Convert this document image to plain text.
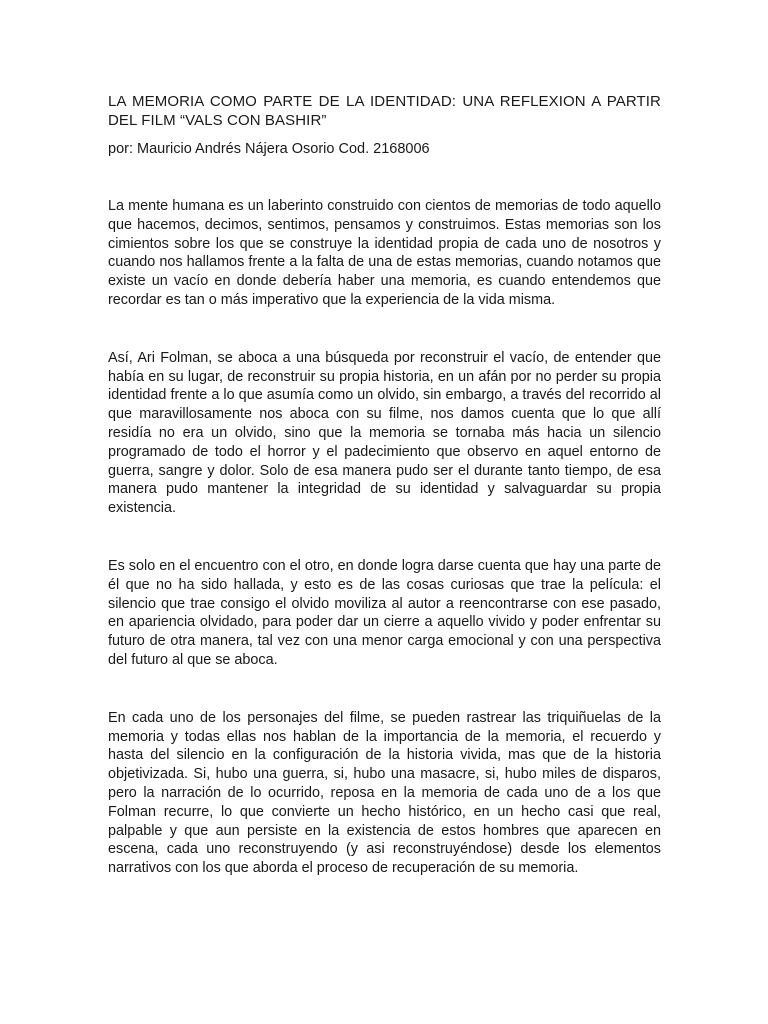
LA MEMORIA COMO PARTE DE LA IDENTIDAD: UNA REFLEXION A PARTIR DEL FILM “VALS CON BASHIR”

por: Mauricio Andrés Nájera Osorio Cod. 2168006

La mente humana es un laberinto construido con cientos de memorias de todo aquello que hacemos, decimos, sentimos, pensamos y construimos. Estas memorias son los cimientos sobre los que se construye la identidad propia de cada uno de nosotros y cuando nos hallamos frente a la falta de una de estas memorias, cuando notamos que existe un vacío en donde debería haber una memoria, es cuando entendemos que recordar es tan o más imperativo que la experiencia de la vida misma.

Así, Ari Folman, se aboca a una búsqueda por reconstruir el vacío, de entender que había en su lugar, de reconstruir su propia historia, en un afán por no perder su propia identidad frente a lo que asumía como un olvido, sin embargo, a través del recorrido al que maravillosamente nos aboca con su filme, nos damos cuenta que lo que allí residía no era un olvido, sino que la memoria se tornaba más hacia un silencio programado de todo el horror y el padecimiento que observo en aquel entorno de guerra, sangre y dolor. Solo de esa manera pudo ser el durante tanto tiempo, de esa manera pudo mantener la integridad de su identidad y salvaguardar su propia existencia.

Es solo en el encuentro con el otro, en donde logra darse cuenta que hay una parte de él que no ha sido hallada, y esto es de las cosas curiosas que trae la película: el silencio que trae consigo el olvido moviliza al autor a reencontrarse con ese pasado, en apariencia olvidado, para poder dar un cierre a aquello vivido y poder enfrentar su futuro de otra manera, tal vez con una menor carga emocional y con una perspectiva del futuro al que se aboca.

En cada uno de los personajes del filme, se pueden rastrear las triquiñuelas de la memoria y todas ellas nos hablan de la importancia de la memoria, el recuerdo y hasta del silencio en la configuración de la historia vivida, mas que de la historia objetivizada. Si, hubo una guerra, si, hubo una masacre, si, hubo miles de disparos, pero la narración de lo ocurrido, reposa en la memoria de cada uno de a los que Folman recurre, lo que convierte un hecho histórico, en un hecho casi que real, palpable y que aun persiste en la existencia de estos hombres que aparecen en escena, cada uno reconstruyendo (y asi reconstruyéndose) desde los elementos narrativos con los que aborda el proceso de recuperación de su memoria.
